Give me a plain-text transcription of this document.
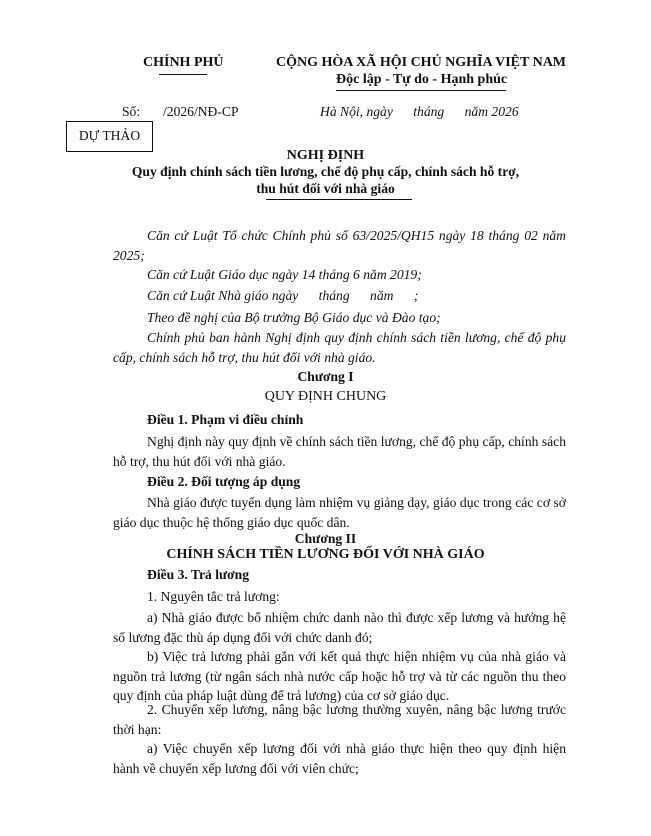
CHÍNH PHỦ	CỘNG HÒA XÃ HỘI CHỦ NGHĨA VIỆT NAM
Độc lập - Tự do - Hạnh phúc
Số: /2026/NĐ-CP	Hà Nội, ngày      tháng      năm 2026
DỰ THẢO
NGHỊ ĐỊNH
Quy định chính sách tiền lương, chế độ phụ cấp, chính sách hỗ trợ,
thu hút đối với nhà giáo
Căn cứ Luật Tổ chức Chính phủ số 63/2025/QH15 ngày 18 tháng 02 năm 2025;
Căn cứ Luật Giáo dục ngày 14 tháng 6 năm 2019;
Căn cứ Luật Nhà giáo ngày      tháng      năm      ;
Theo đề nghị của Bộ trưởng Bộ Giáo dục và Đào tạo;
Chính phủ ban hành Nghị định quy định chính sách tiền lương, chế độ phụ cấp, chính sách hỗ trợ, thu hút đối với nhà giáo.
Chương I
QUY ĐỊNH CHUNG
Điều 1. Phạm vi điều chỉnh
Nghị định này quy định về chính sách tiền lương, chế độ phụ cấp, chính sách hỗ trợ, thu hút đối với nhà giáo.
Điều 2. Đối tượng áp dụng
Nhà giáo được tuyển dụng làm nhiệm vụ giảng dạy, giáo dục trong các cơ sở giáo dục thuộc hệ thống giáo dục quốc dân.
Chương II
CHÍNH SÁCH TIỀN LƯƠNG ĐỐI VỚI NHÀ GIÁO
Điều 3. Trả lương
1. Nguyên tắc trả lương:
a) Nhà giáo được bổ nhiệm chức danh nào thì được xếp lương và hưởng hệ số lương đặc thù áp dụng đối với chức danh đó;
b) Việc trả lương phải gắn với kết quả thực hiện nhiệm vụ của nhà giáo và nguồn trả lương (từ ngân sách nhà nước cấp hoặc hỗ trợ và từ các nguồn thu theo quy định của pháp luật dùng để trả lương) của cơ sở giáo dục.
2. Chuyển xếp lương, nâng bậc lương thường xuyên, nâng bậc lương trước thời hạn:
a) Việc chuyển xếp lương đối với nhà giáo thực hiện theo quy định hiện hành về chuyển xếp lương đối với viên chức;
